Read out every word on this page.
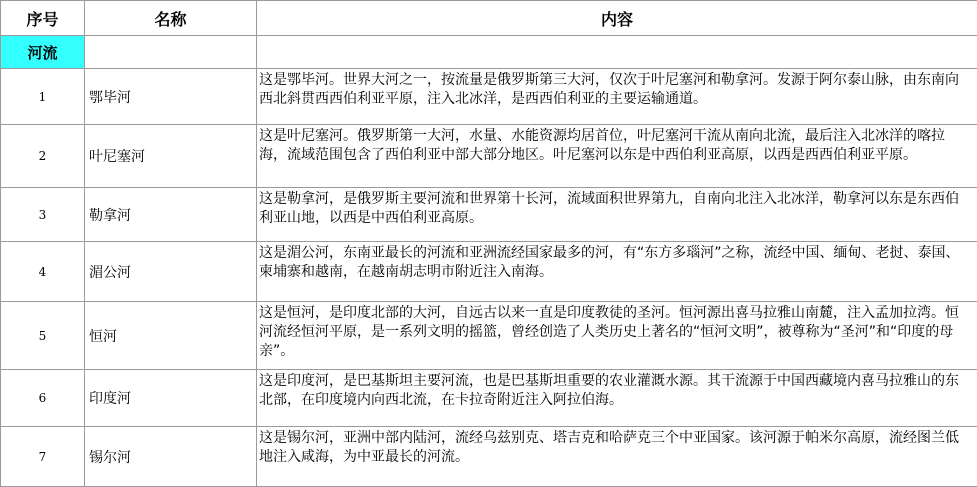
序号	名称	内容
河流		
1	鄂毕河	这是鄂毕河。世界大河之一，按流量是俄罗斯第三大河，仅次于叶尼塞河和勒拿河。发源于阿尔泰山脉，由东南向西北斜贯西西伯利亚平原，注入北冰洋，是西西伯利亚的主要运输通道。
2	叶尼塞河	这是叶尼塞河。俄罗斯第一大河，水量、水能资源均居首位，叶尼塞河干流从南向北流，最后注入北冰洋的喀拉海，流域范围包含了西伯利亚中部大部分地区。叶尼塞河以东是中西伯利亚高原，以西是西西伯利亚平原。
3	勒拿河	这是勒拿河，是俄罗斯主要河流和世界第十长河，流域面积世界第九，自南向北注入北冰洋，勒拿河以东是东西伯利亚山地，以西是中西伯利亚高原。
4	湄公河	这是湄公河，东南亚最长的河流和亚洲流经国家最多的河，有“东方多瑙河”之称，流经中国、缅甸、老挝、泰国、柬埔寨和越南，在越南胡志明市附近注入南海。
5	恒河	这是恒河，是印度北部的大河，自远古以来一直是印度教徒的圣河。恒河源出喜马拉雅山南麓，注入孟加拉湾。恒河流经恒河平原，是一系列文明的摇篮，曾经创造了人类历史上著名的“恒河文明”，被尊称为“圣河”和“印度的母亲”。
6	印度河	这是印度河，是巴基斯坦主要河流，也是巴基斯坦重要的农业灌溉水源。其干流源于中国西藏境内喜马拉雅山的东北部，在印度境内向西北流，在卡拉奇附近注入阿拉伯海。
7	锡尔河	这是锡尔河，亚洲中部内陆河，流经乌兹别克、塔吉克和哈萨克三个中亚国家。该河源于帕米尔高原，流经图兰低地注入咸海，为中亚最长的河流。
